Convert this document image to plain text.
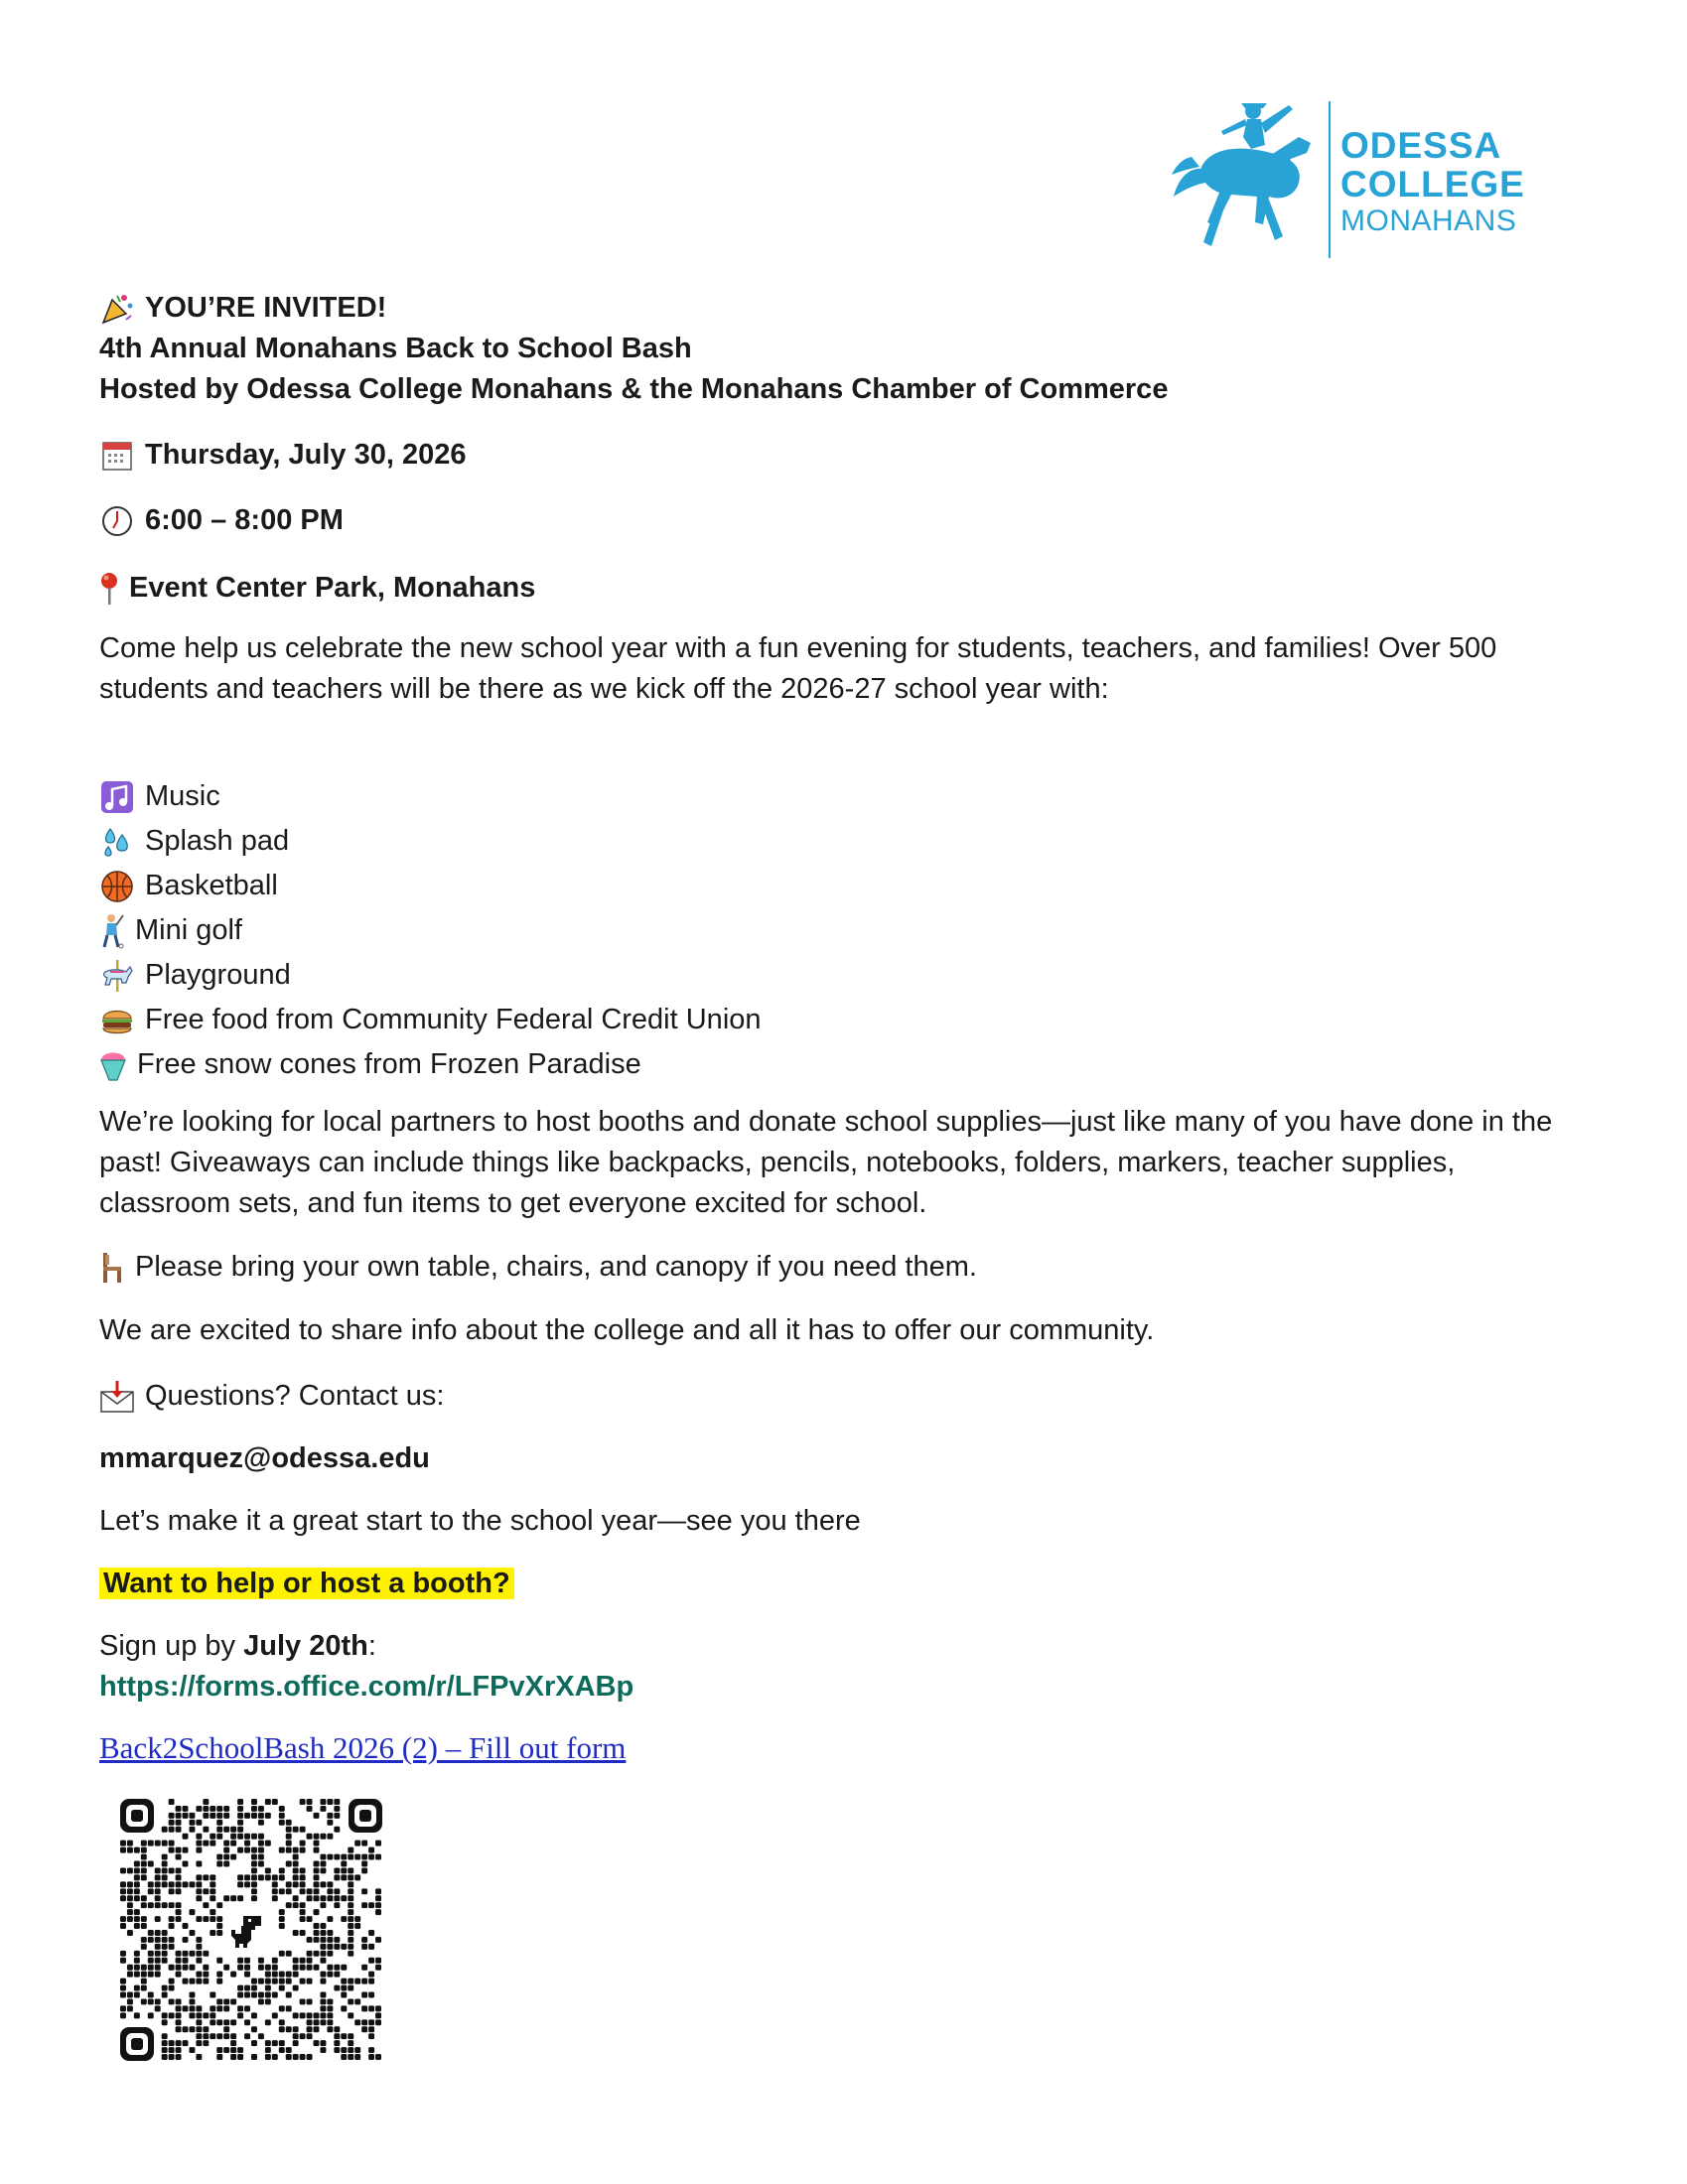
ODESSA
COLLEGE
MONAHANS
YOU’RE INVITED!
4th Annual Monahans Back to School Bash
Hosted by Odessa College Monahans & the Monahans Chamber of Commerce
Thursday, July 30, 2026
6:00 – 8:00 PM
Event Center Park, Monahans

Come help us celebrate the new school year with a fun evening for students, teachers, and families! Over 500 students and teachers will be there as we kick off the 2026-27 school year with:

Music
Splash pad
Basketball
Mini golf
Playground
Free food from Community Federal Credit Union
Free snow cones from Frozen Paradise

We’re looking for local partners to host booths and donate school supplies—just like many of you have done in the past! Giveaways can include things like backpacks, pencils, notebooks, folders, markers, teacher supplies, classroom sets, and fun items to get everyone excited for school.

Please bring your own table, chairs, and canopy if you need them.

We are excited to share info about the college and all it has to offer our community.

Questions? Contact us:

mmarquez@odessa.edu

Let’s make it a great start to the school year—see you there

Want to help or host a booth?

Sign up by July 20th:

https://forms.office.com/r/LFPvXrXABp

Back2SchoolBash 2026 (2) – Fill out form
